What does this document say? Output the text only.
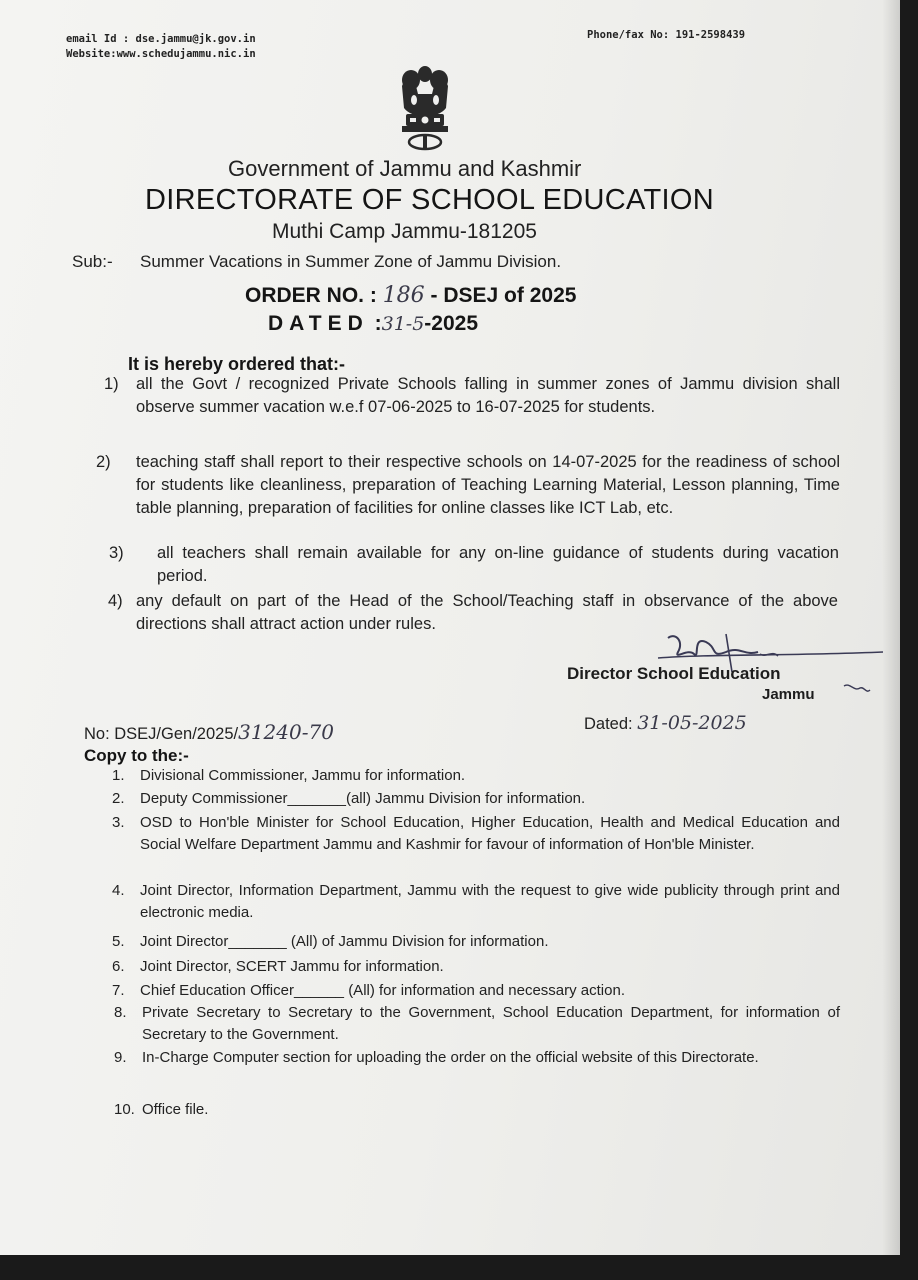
email Id : dse.jammu@jk.gov.in
Website:www.schedujammu.nic.in
Phone/fax No: 191-2598439
Government of Jammu and Kashmir
DIRECTORATE OF SCHOOL EDUCATION
Muthi Camp Jammu-181205
Sub:- Summer Vacations in Summer Zone of Jammu Division.
ORDER NO. : 186 - DSEJ of 2025
DATED :31-5-2025
It is hereby ordered that:-
1) all the Govt / recognized Private Schools falling in summer zones of Jammu division shall observe summer vacation w.e.f 07-06-2025 to 16-07-2025 for students.
2) teaching staff shall report to their respective schools on 14-07-2025 for the readiness of school for students like cleanliness, preparation of Teaching Learning Material, Lesson planning, Time table planning, preparation of facilities for online classes like ICT Lab, etc.
3) all teachers shall remain available for any on-line guidance of students during vacation period.
4) any default on part of the Head of the School/Teaching staff in observance of the above directions shall attract action under rules.
Director School Education
Jammu
No: DSEJ/Gen/2025/31240-70	Dated: 31-05-2025
Copy to the:-
1. Divisional Commissioner, Jammu for information.
2. Deputy Commissioner_______(all) Jammu Division for information.
3. OSD to Hon'ble Minister for School Education, Higher Education, Health and Medical Education and Social Welfare Department Jammu and Kashmir for favour of information of Hon'ble Minister.
4. Joint Director, Information Department, Jammu with the request to give wide publicity through print and electronic media.
5. Joint Director_______ (All) of Jammu Division for information.
6. Joint Director, SCERT Jammu for information.
7. Chief Education Officer______ (All) for information and necessary action.
8. Private Secretary to Secretary to the Government, School Education Department, for information of Secretary to the Government.
9. In-Charge Computer section for uploading the order on the official website of this Directorate.
10. Office file.
